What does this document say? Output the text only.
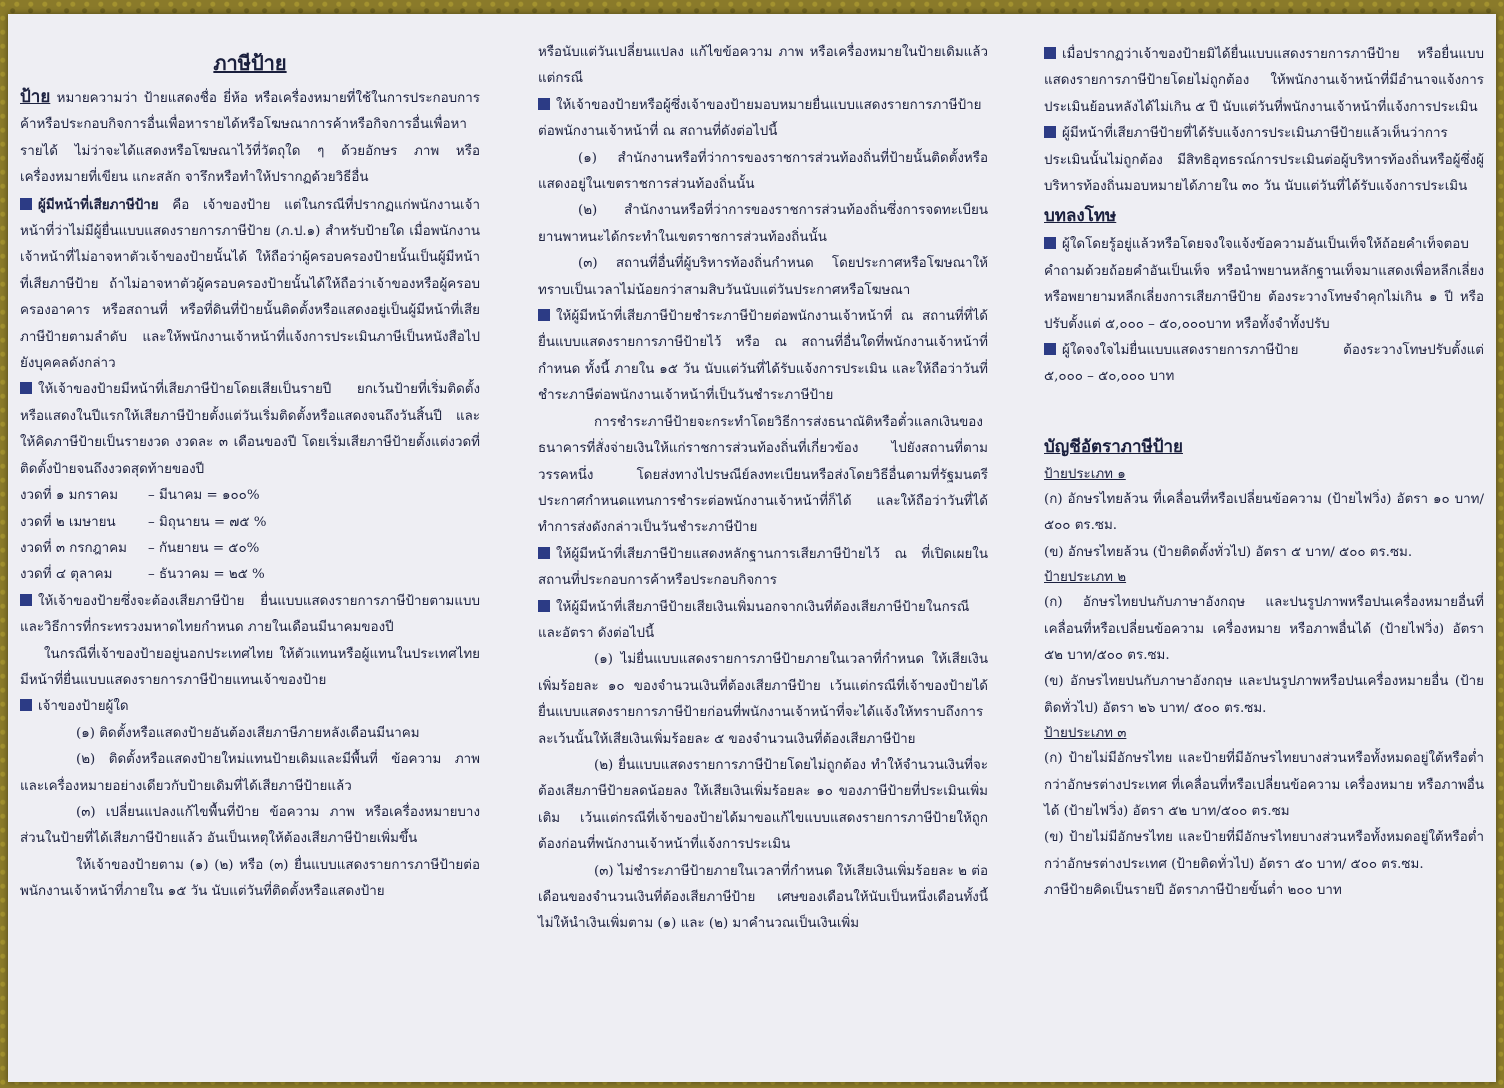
ภาษีป้าย

ป้าย หมายความว่า ป้ายแสดงชื่อ ยี่ห้อ หรือเครื่องหมายที่ใช้ในการประกอบการค้าหรือประกอบกิจการอื่นเพื่อหารายได้หรือโฆษณาการค้าหรือกิจการอื่นเพื่อหารายได้ ไม่ว่าจะได้แสดงหรือโฆษณาไว้ที่วัตถุใด ๆ ด้วยอักษร ภาพ หรือเครื่องหมายที่เขียน แกะสลัก จารึกหรือทำให้ปรากฏด้วยวิธีอื่น

ผู้มีหน้าที่เสียภาษีป้าย คือ เจ้าของป้าย แต่ในกรณีที่ปรากฏแก่พนักงานเจ้าหน้าที่ว่าไม่มีผู้ยื่นแบบแสดงรายการภาษีป้าย (ภ.ป.๑) สำหรับป้ายใด เมื่อพนักงานเจ้าหน้าที่ไม่อาจหาตัวเจ้าของป้ายนั้นได้ ให้ถือว่าผู้ครอบครองป้ายนั้นเป็นผู้มีหน้าที่เสียภาษีป้าย ถ้าไม่อาจหาตัวผู้ครอบครองป้ายนั้นได้ให้ถือว่าเจ้าของหรือผู้ครอบครองอาคาร หรือสถานที่ หรือที่ดินที่ป้ายนั้นติดตั้งหรือแสดงอยู่เป็นผู้มีหน้าที่เสียภาษีป้ายตามลำดับ และให้พนักงานเจ้าหน้าที่แจ้งการประเมินภาษีเป็นหนังสือไปยังบุคคลดังกล่าว

ให้เจ้าของป้ายมีหน้าที่เสียภาษีป้ายโดยเสียเป็นรายปี ยกเว้นป้ายที่เริ่มติดตั้งหรือแสดงในปีแรกให้เสียภาษีป้ายตั้งแต่วันเริ่มติดตั้งหรือแสดงจนถึงวันสิ้นปี และให้คิดภาษีป้ายเป็นรายงวด งวดละ ๓ เดือนของปี โดยเริ่มเสียภาษีป้ายตั้งแต่งวดที่ติดตั้งป้ายจนถึงงวดสุดท้ายของปี

งวดที่ ๑ มกราคม	– มีนาคม = ๑๐๐%
งวดที่ ๒ เมษายน	– มิถุนายน = ๗๕ %
งวดที่ ๓ กรกฎาคม	– กันยายน = ๕๐%
งวดที่ ๔ ตุลาคม	– ธันวาคม = ๒๕ %

ให้เจ้าของป้ายซึ่งจะต้องเสียภาษีป้าย ยื่นแบบแสดงรายการภาษีป้ายตามแบบและวิธีการที่กระทรวงมหาดไทยกำหนด ภายในเดือนมีนาคมของปี

ในกรณีที่เจ้าของป้ายอยู่นอกประเทศไทย ให้ตัวแทนหรือผู้แทนในประเทศไทยมีหน้าที่ยื่นแบบแสดงรายการภาษีป้ายแทนเจ้าของป้าย

เจ้าของป้ายผู้ใด

(๑) ติดตั้งหรือแสดงป้ายอันต้องเสียภาษีภายหลังเดือนมีนาคม

(๒) ติดตั้งหรือแสดงป้ายใหม่แทนป้ายเดิมและมีพื้นที่ ข้อความ ภาพ และเครื่องหมายอย่างเดียวกับป้ายเดิมที่ได้เสียภาษีป้ายแล้ว

(๓) เปลี่ยนแปลงแก้ไขพื้นที่ป้าย ข้อความ ภาพ หรือเครื่องหมายบางส่วนในป้ายที่ได้เสียภาษีป้ายแล้ว อันเป็นเหตุให้ต้องเสียภาษีป้ายเพิ่มขึ้น

ให้เจ้าของป้ายตาม (๑) (๒) หรือ (๓) ยื่นแบบแสดงรายการภาษีป้ายต่อพนักงานเจ้าหน้าที่ภายใน ๑๕ วัน นับแต่วันที่ติดตั้งหรือแสดงป้าย

หรือนับแต่วันเปลี่ยนแปลง แก้ไขข้อความ ภาพ หรือเครื่องหมายในป้ายเดิมแล้วแต่กรณี

ให้เจ้าของป้ายหรือผู้ซึ่งเจ้าของป้ายมอบหมายยื่นแบบแสดงรายการภาษีป้ายต่อพนักงานเจ้าหน้าที่ ณ สถานที่ดังต่อไปนี้

(๑) สำนักงานหรือที่ว่าการของราชการส่วนท้องถิ่นที่ป้ายนั้นติดตั้งหรือแสดงอยู่ในเขตราชการส่วนท้องถิ่นนั้น

(๒) สำนักงานหรือที่ว่าการของราชการส่วนท้องถิ่นซึ่งการจดทะเบียนยานพาหนะได้กระทำในเขตราชการส่วนท้องถิ่นนั้น

(๓) สถานที่อื่นที่ผู้บริหารท้องถิ่นกำหนด โดยประกาศหรือโฆษณาให้ทราบเป็นเวลาไม่น้อยกว่าสามสิบวันนับแต่วันประกาศหรือโฆษณา

ให้ผู้มีหน้าที่เสียภาษีป้ายชำระภาษีป้ายต่อพนักงานเจ้าหน้าที่ ณ สถานที่ที่ได้ยื่นแบบแสดงรายการภาษีป้ายไว้ หรือ ณ สถานที่อื่นใดที่พนักงานเจ้าหน้าที่กำหนด ทั้งนี้ ภายใน ๑๕ วัน นับแต่วันที่ได้รับแจ้งการประเมิน และให้ถือว่าวันที่ชำระภาษีต่อพนักงานเจ้าหน้าที่เป็นวันชำระภาษีป้าย

การชำระภาษีป้ายจะกระทำโดยวิธีการส่งธนาณัติหรือตั๋วแลกเงินของธนาคารที่สั่งจ่ายเงินให้แก่ราชการส่วนท้องถิ่นที่เกี่ยวข้อง ไปยังสถานที่ตามวรรคหนึ่ง โดยส่งทางไปรษณีย์ลงทะเบียนหรือส่งโดยวิธีอื่นตามที่รัฐมนตรีประกาศกำหนดแทนการชำระต่อพนักงานเจ้าหน้าที่ก็ได้ และให้ถือว่าวันที่ได้ทำการส่งดังกล่าวเป็นวันชำระภาษีป้าย

ให้ผู้มีหน้าที่เสียภาษีป้ายแสดงหลักฐานการเสียภาษีป้ายไว้ ณ ที่เปิดเผยในสถานที่ประกอบการค้าหรือประกอบกิจการ

ให้ผู้มีหน้าที่เสียภาษีป้ายเสียเงินเพิ่มนอกจากเงินที่ต้องเสียภาษีป้ายในกรณีและอัตรา ดังต่อไปนี้

(๑) ไม่ยื่นแบบแสดงรายการภาษีป้ายภายในเวลาที่กำหนด ให้เสียเงินเพิ่มร้อยละ ๑๐ ของจำนวนเงินที่ต้องเสียภาษีป้าย เว้นแต่กรณีที่เจ้าของป้ายได้ยื่นแบบแสดงรายการภาษีป้ายก่อนที่พนักงานเจ้าหน้าที่จะได้แจ้งให้ทราบถึงการละเว้นนั้นให้เสียเงินเพิ่มร้อยละ ๕ ของจำนวนเงินที่ต้องเสียภาษีป้าย

(๒) ยื่นแบบแสดงรายการภาษีป้ายโดยไม่ถูกต้อง ทำให้จำนวนเงินที่จะต้องเสียภาษีป้ายลดน้อยลง ให้เสียเงินเพิ่มร้อยละ ๑๐ ของภาษีป้ายที่ประเมินเพิ่มเติม เว้นแต่กรณีที่เจ้าของป้ายได้มาขอแก้ไขแบบแสดงรายการภาษีป้ายให้ถูกต้องก่อนที่พนักงานเจ้าหน้าที่แจ้งการประเมิน

(๓) ไม่ชำระภาษีป้ายภายในเวลาที่กำหนด ให้เสียเงินเพิ่มร้อยละ ๒ ต่อเดือนของจำนวนเงินที่ต้องเสียภาษีป้าย เศษของเดือนให้นับเป็นหนึ่งเดือนทั้งนี้ ไม่ให้นำเงินเพิ่มตาม (๑) และ (๒) มาคำนวณเป็นเงินเพิ่ม

เมื่อปรากฏว่าเจ้าของป้ายมิได้ยื่นแบบแสดงรายการภาษีป้าย หรือยื่นแบบแสดงรายการภาษีป้ายโดยไม่ถูกต้อง ให้พนักงานเจ้าหน้าที่มีอำนาจแจ้งการประเมินย้อนหลังได้ไม่เกิน ๕ ปี นับแต่วันที่พนักงานเจ้าหน้าที่แจ้งการประเมิน

ผู้มีหน้าที่เสียภาษีป้ายที่ได้รับแจ้งการประเมินภาษีป้ายแล้วเห็นว่าการประเมินนั้นไม่ถูกต้อง มีสิทธิอุทธรณ์การประเมินต่อผู้บริหารท้องถิ่นหรือผู้ซึ่งผู้บริหารท้องถิ่นมอบหมายได้ภายใน ๓๐ วัน นับแต่วันที่ได้รับแจ้งการประเมิน

บทลงโทษ

ผู้ใดโดยรู้อยู่แล้วหรือโดยจงใจแจ้งข้อความอันเป็นเท็จให้ถ้อยคำเท็จตอบคำถามด้วยถ้อยคำอันเป็นเท็จ หรือนำพยานหลักฐานเท็จมาแสดงเพื่อหลีกเลี่ยงหรือพยายามหลีกเลี่ยงการเสียภาษีป้าย ต้องระวางโทษจำคุกไม่เกิน ๑ ปี หรือปรับตั้งแต่ ๕,๐๐๐ – ๕๐,๐๐๐บาท หรือทั้งจำทั้งปรับ

ผู้ใดจงใจไม่ยื่นแบบแสดงรายการภาษีป้าย ต้องระวางโทษปรับตั้งแต่ ๕,๐๐๐ – ๕๐,๐๐๐ บาท

บัญชีอัตราภาษีป้าย
ป้ายประเภท ๑

(ก) อักษรไทยล้วน ที่เคลื่อนที่หรือเปลี่ยนข้อความ (ป้ายไฟวิ่ง) อัตรา ๑๐ บาท/๕๐๐ ตร.ซม.

(ข) อักษรไทยล้วน (ป้ายติดตั้งทั่วไป) อัตรา ๕ บาท/ ๕๐๐ ตร.ซม.

ป้ายประเภท ๒

(ก) อักษรไทยปนกับภาษาอังกฤษ และปนรูปภาพหรือปนเครื่องหมายอื่นที่เคลื่อนที่หรือเปลี่ยนข้อความ เครื่องหมาย หรือภาพอื่นได้ (ป้ายไฟวิ่ง) อัตรา ๕๒ บาท/๕๐๐ ตร.ซม.

(ข) อักษรไทยปนกับภาษาอังกฤษ และปนรูปภาพหรือปนเครื่องหมายอื่น (ป้ายติดทั่วไป) อัตรา ๒๖ บาท/ ๕๐๐ ตร.ซม.

ป้ายประเภท ๓

(ก) ป้ายไม่มีอักษรไทย และป้ายที่มีอักษรไทยบางส่วนหรือทั้งหมดอยู่ใต้หรือต่ำกว่าอักษรต่างประเทศ ที่เคลื่อนที่หรือเปลี่ยนข้อความ เครื่องหมาย หรือภาพอื่นได้ (ป้ายไฟวิ่ง) อัตรา ๕๒ บาท/๕๐๐ ตร.ซม

(ข) ป้ายไม่มีอักษรไทย และป้ายที่มีอักษรไทยบางส่วนหรือทั้งหมดอยู่ใต้หรือต่ำกว่าอักษรต่างประเทศ (ป้ายติดทั่วไป) อัตรา ๕๐ บาท/ ๕๐๐ ตร.ซม.

ภาษีป้ายคิดเป็นรายปี อัตราภาษีป้ายขั้นต่ำ ๒๐๐ บาท
